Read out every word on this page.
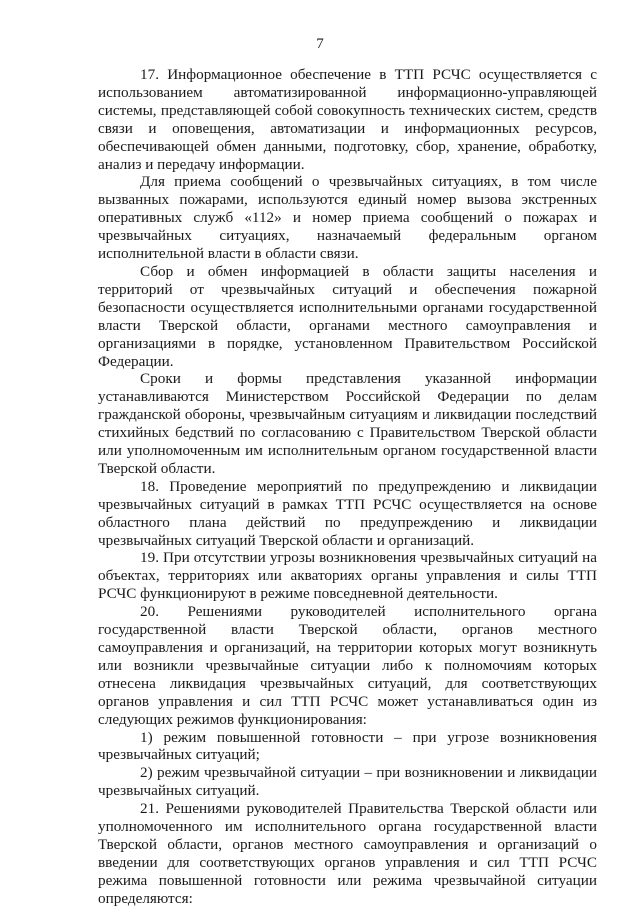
7

17. Информационное обеспечение в ТТП РСЧС осуществляется с использованием автоматизированной информационно-управляющей системы, представляющей собой совокупность технических систем, средств связи и оповещения, автоматизации и информационных ресурсов, обеспечивающей обмен данными, подготовку, сбор, хранение, обработку, анализ и передачу информации.

Для приема сообщений о чрезвычайных ситуациях, в том числе вызванных пожарами, используются единый номер вызова экстренных оперативных служб «112» и номер приема сообщений о пожарах и чрезвычайных ситуациях, назначаемый федеральным органом исполнительной власти в области связи.

Сбор и обмен информацией в области защиты населения и территорий от чрезвычайных ситуаций и обеспечения пожарной безопасности осуществляется исполнительными органами государственной власти Тверской области, органами местного самоуправления и организациями в порядке, установленном Правительством Российской Федерации.

Сроки и формы представления указанной информации устанавливаются Министерством Российской Федерации по делам гражданской обороны, чрезвычайным ситуациям и ликвидации последствий стихийных бедствий по согласованию с Правительством Тверской области или уполномоченным им исполнительным органом государственной власти Тверской области.

18. Проведение мероприятий по предупреждению и ликвидации чрезвычайных ситуаций в рамках ТТП РСЧС осуществляется на основе областного плана действий по предупреждению и ликвидации чрезвычайных ситуаций Тверской области и организаций.

19. При отсутствии угрозы возникновения чрезвычайных ситуаций на объектах, территориях или акваториях органы управления и силы ТТП РСЧС функционируют в режиме повседневной деятельности.

20. Решениями руководителей исполнительного органа государственной власти Тверской области, органов местного самоуправления и организаций, на территории которых могут возникнуть или возникли чрезвычайные ситуации либо к полномочиям которых отнесена ликвидация чрезвычайных ситуаций, для соответствующих органов управления и сил ТТП РСЧС может устанавливаться один из следующих режимов функционирования:

1) режим повышенной готовности – при угрозе возникновения чрезвычайных ситуаций;

2) режим чрезвычайной ситуации – при возникновении и ликвидации чрезвычайных ситуаций.

21. Решениями руководителей Правительства Тверской области или уполномоченного им исполнительного органа государственной власти Тверской области, органов местного самоуправления и организаций о введении для соответствующих органов управления и сил ТТП РСЧС режима повышенной готовности или режима чрезвычайной ситуации определяются:
